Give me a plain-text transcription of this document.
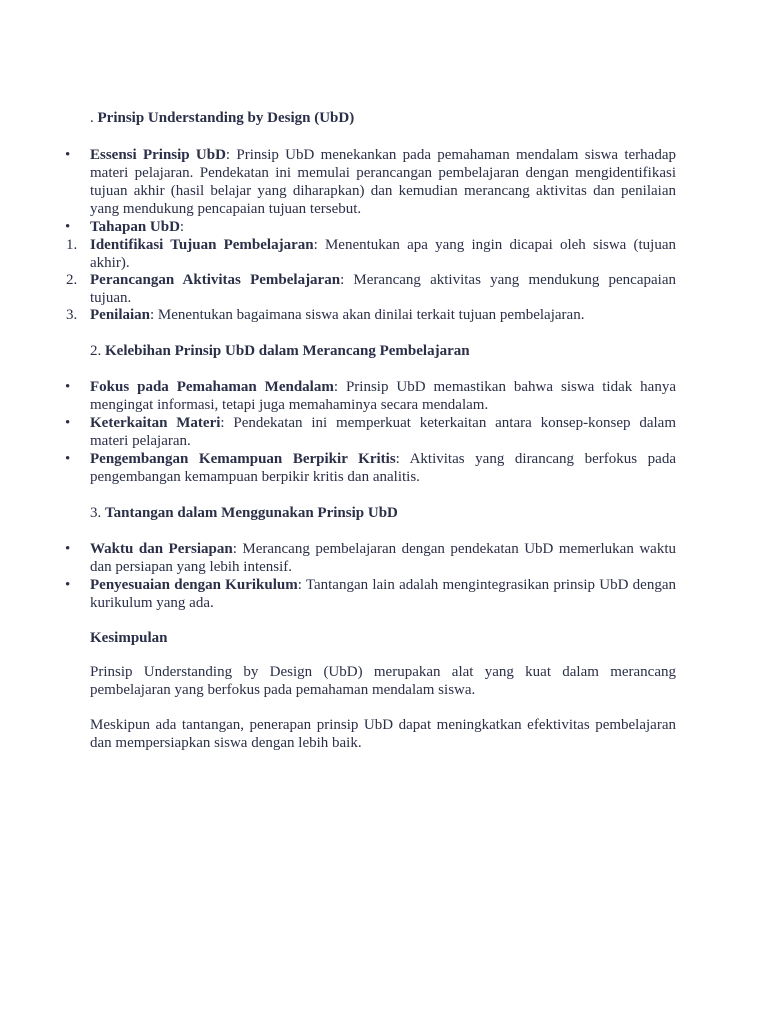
. Prinsip Understanding by Design (UbD)
•	Essensi Prinsip UbD: Prinsip UbD menekankan pada pemahaman mendalam siswa terhadap materi pelajaran. Pendekatan ini memulai perancangan pembelajaran dengan mengidentifikasi tujuan akhir (hasil belajar yang diharapkan) dan kemudian merancang aktivitas dan penilaian yang mendukung pencapaian tujuan tersebut.
•	Tahapan UbD:
1. Identifikasi Tujuan Pembelajaran: Menentukan apa yang ingin dicapai oleh siswa (tujuan akhir).
2. Perancangan Aktivitas Pembelajaran: Merancang aktivitas yang mendukung pencapaian tujuan.
3. Penilaian: Menentukan bagaimana siswa akan dinilai terkait tujuan pembelajaran.
2. Kelebihan Prinsip UbD dalam Merancang Pembelajaran
•	Fokus pada Pemahaman Mendalam: Prinsip UbD memastikan bahwa siswa tidak hanya mengingat informasi, tetapi juga memahaminya secara mendalam.
•	Keterkaitan Materi: Pendekatan ini memperkuat keterkaitan antara konsep-konsep dalam materi pelajaran.
•	Pengembangan Kemampuan Berpikir Kritis: Aktivitas yang dirancang berfokus pada pengembangan kemampuan berpikir kritis dan analitis.
3. Tantangan dalam Menggunakan Prinsip UbD
•	Waktu dan Persiapan: Merancang pembelajaran dengan pendekatan UbD memerlukan waktu dan persiapan yang lebih intensif.
•	Penyesuaian dengan Kurikulum: Tantangan lain adalah mengintegrasikan prinsip UbD dengan kurikulum yang ada.
Kesimpulan
Prinsip Understanding by Design (UbD) merupakan alat yang kuat dalam merancang pembelajaran yang berfokus pada pemahaman mendalam siswa.
Meskipun ada tantangan, penerapan prinsip UbD dapat meningkatkan efektivitas pembelajaran dan mempersiapkan siswa dengan lebih baik.
